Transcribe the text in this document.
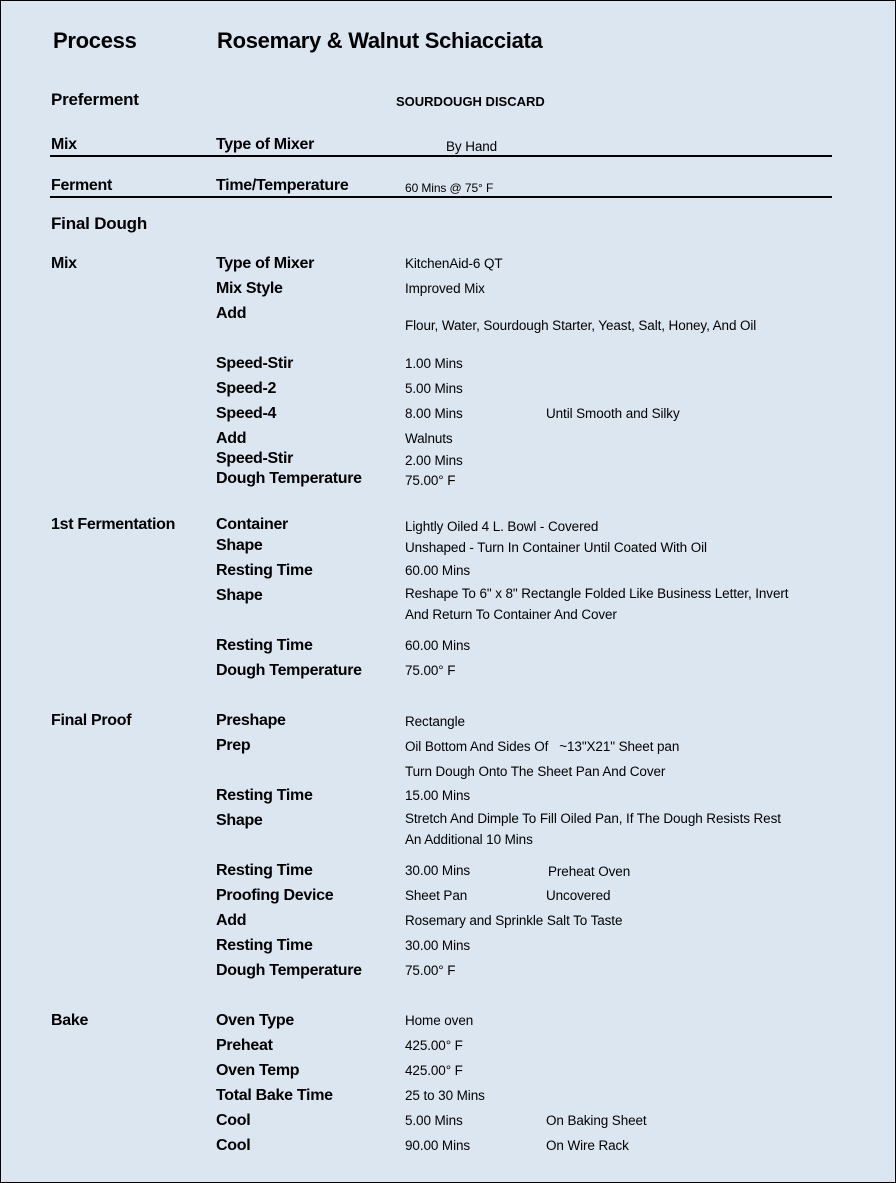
Process	Rosemary & Walnut Schiacciata
Preferment	SOURDOUGH DISCARD
Mix	Type of Mixer	By Hand
Ferment	Time/Temperature	60 Mins @ 75° F
Final Dough
Mix	Type of Mixer	KitchenAid-6 QT
Mix Style	Improved Mix
Add
Flour, Water, Sourdough Starter, Yeast, Salt, Honey, And Oil
Speed-Stir	1.00 Mins
Speed-2	5.00 Mins
Speed-4	8.00 Mins	Until Smooth and Silky
Add	Walnuts
Speed-Stir	2.00 Mins
Dough Temperature	75.00° F
1st Fermentation	Container	Lightly Oiled 4 L. Bowl - Covered
Shape	Unshaped - Turn In Container Until Coated With Oil
Resting Time	60.00 Mins
Shape	Reshape To 6" x 8" Rectangle Folded Like Business Letter, Invert
And Return To Container And Cover
Resting Time	60.00 Mins
Dough Temperature	75.00° F
Final Proof	Preshape	Rectangle
Prep	Oil Bottom And Sides Of   ~13"X21" Sheet pan
Turn Dough Onto The Sheet Pan And Cover
Resting Time	15.00 Mins
Shape	Stretch And Dimple To Fill Oiled Pan, If The Dough Resists Rest
An Additional 10 Mins
Resting Time	30.00 Mins	Preheat Oven
Proofing Device	Sheet Pan	Uncovered
Add	Rosemary and Sprinkle Salt To Taste
Resting Time	30.00 Mins
Dough Temperature	75.00° F
Bake	Oven Type	Home oven
Preheat	425.00° F
Oven Temp	425.00° F
Total Bake Time	25 to 30 Mins
Cool	5.00 Mins	On Baking Sheet
Cool	90.00 Mins	On Wire Rack
